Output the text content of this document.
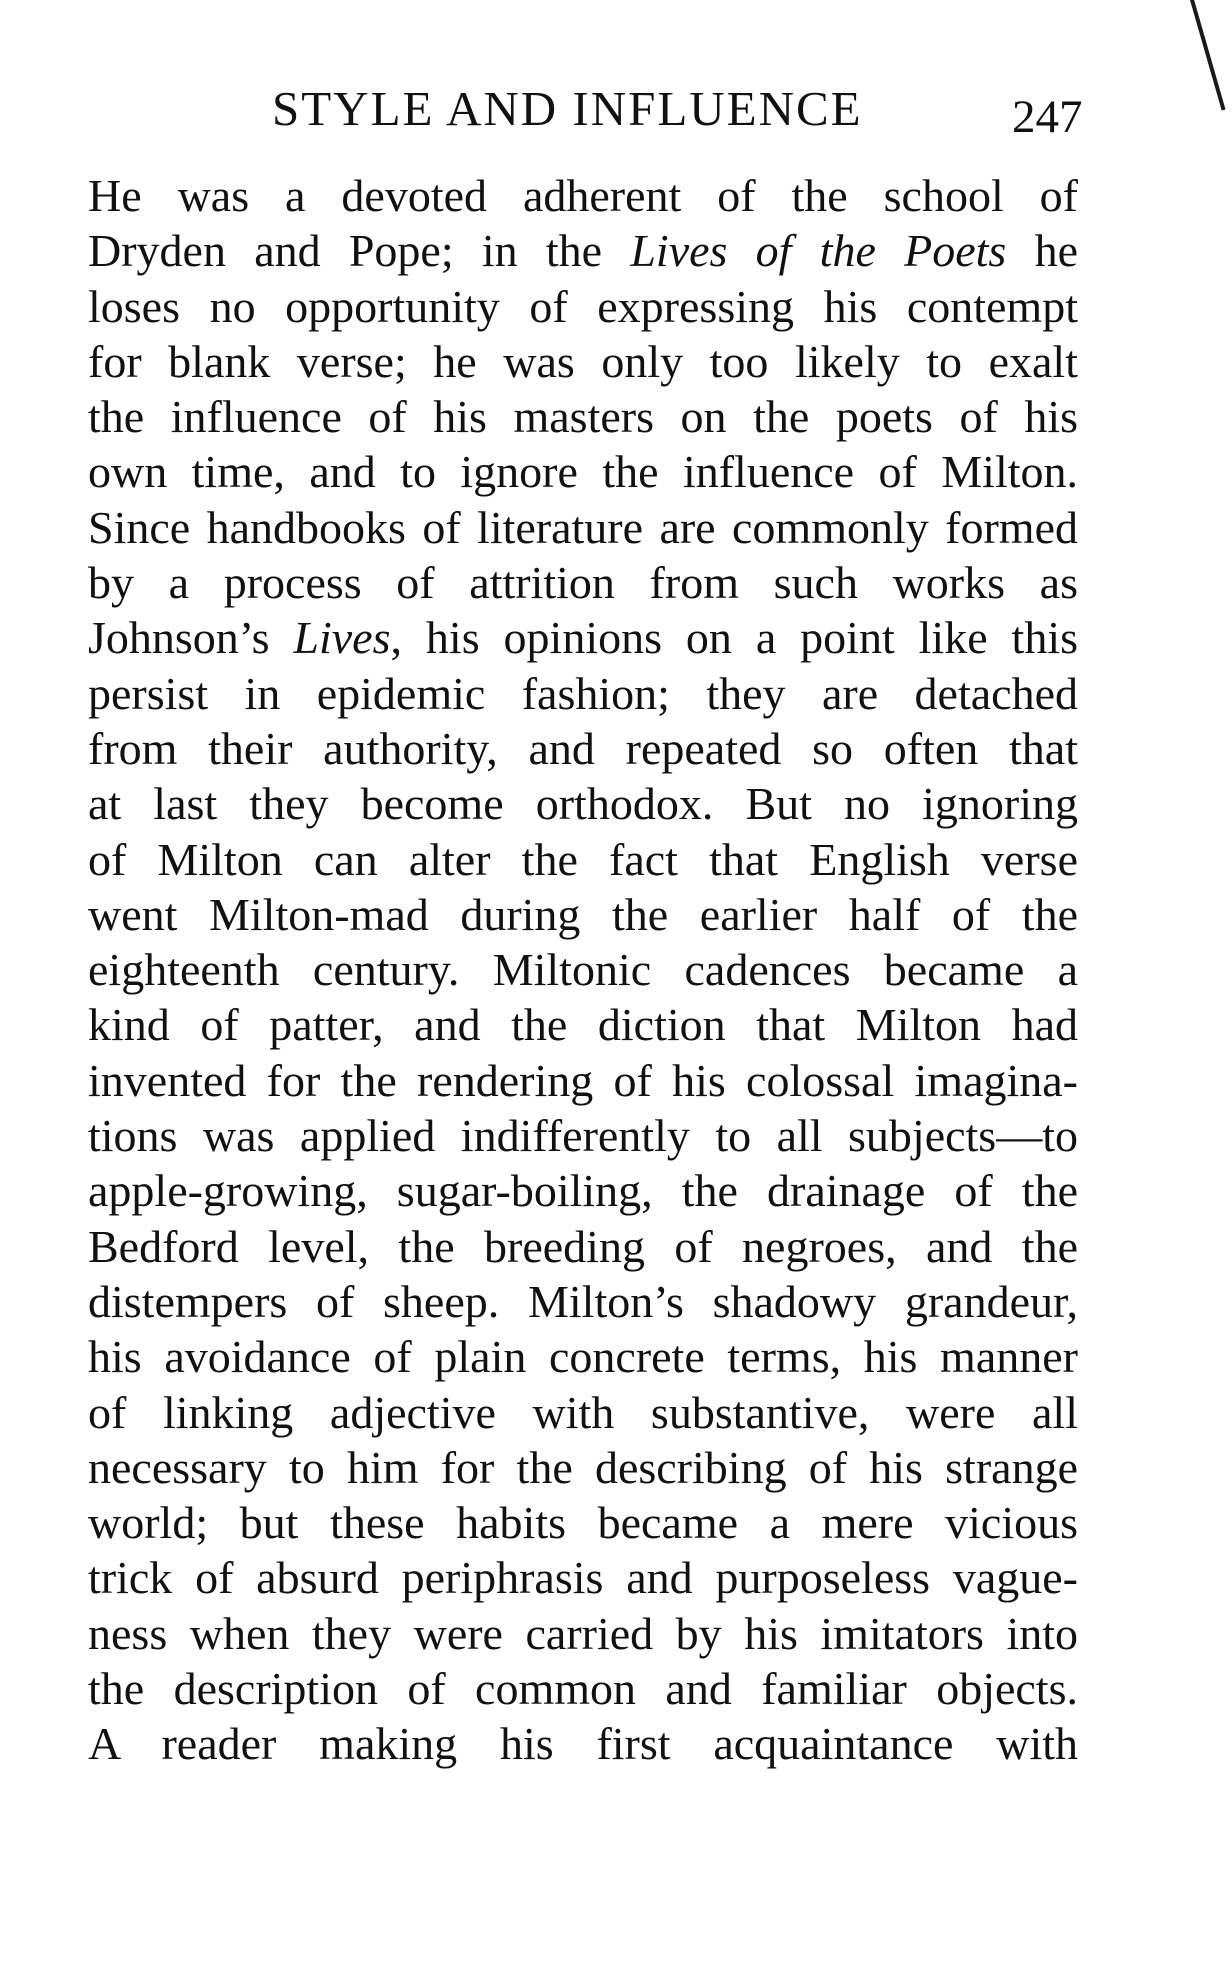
STYLE AND INFLUENCE	247
He was a devoted adherent of the school of
Dryden and Pope; in the Lives of the Poets he
loses no opportunity of expressing his contempt
for blank verse; he was only too likely to exalt
the influence of his masters on the poets of his
own time, and to ignore the influence of Milton.
Since handbooks of literature are commonly formed
by a process of attrition from such works as
Johnson’s Lives, his opinions on a point like this
persist in epidemic fashion; they are detached
from their authority, and repeated so often that
at last they become orthodox. But no ignoring
of Milton can alter the fact that English verse
went Milton-mad during the earlier half of the
eighteenth century. Miltonic cadences became a
kind of patter, and the diction that Milton had
invented for the rendering of his colossal imagina-
tions was applied indifferently to all subjects—to
apple-growing, sugar-boiling, the drainage of the
Bedford level, the breeding of negroes, and the
distempers of sheep. Milton’s shadowy grandeur,
his avoidance of plain concrete terms, his manner
of linking adjective with substantive, were all
necessary to him for the describing of his strange
world; but these habits became a mere vicious
trick of absurd periphrasis and purposeless vague-
ness when they were carried by his imitators into
the description of common and familiar objects.
A reader making his first acquaintance with
